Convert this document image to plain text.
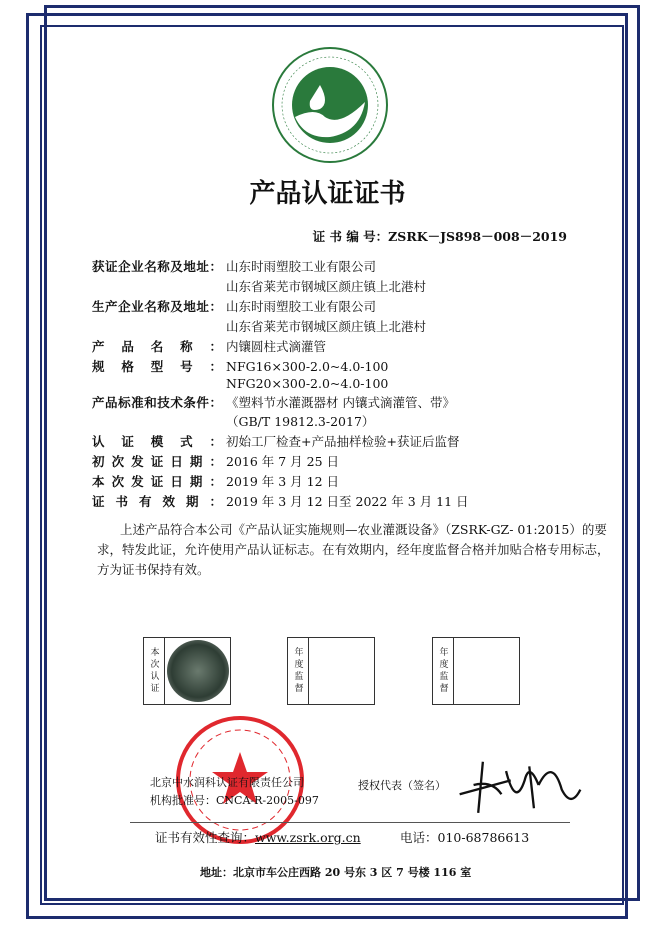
产品认证证书
证 书 编 号：ZSRK－JS898－008－2019
获证企业名称及地址： 山东时雨塑胶工业有限公司
山东省莱芜市钢城区颜庄镇上北港村
生产企业名称及地址： 山东时雨塑胶工业有限公司
山东省莱芜市钢城区颜庄镇上北港村
产品名称： 内镶圆柱式滴灌管
规格型号： NFG16×300-2.0~4.0-100
NFG20×300-2.0~4.0-100
产品标准和技术条件： 《塑料节水灌溉器材 内镶式滴灌管、带》
（GB/T 19812.3-2017）
认证模式： 初始工厂检查+产品抽样检验+获证后监督
初次发证日期： 2016 年 7 月 25 日
本次发证日期： 2019 年 3 月 12 日
证书有效期： 2019 年 3 月 12 日至 2022 年 3 月 11 日
上述产品符合本公司《产品认证实施规则—农业灌溉设备》（ZSRK-GZ- 01:2015）的要
求，特发此证，允许使用产品认证标志。在有效期内，经年度监督合格并加贴合格专用标志，
方为证书保持有效。
本次认证	年度监督	年度监督
北京中水润科认证有限责任公司
机构批准号：CNCA-R-2005-097
授权代表（签名）
证书有效性查询：www.zsrk.org.cn	电话：010-68786613
地址：北京市车公庄西路 20 号东 3 区 7 号楼 116 室
